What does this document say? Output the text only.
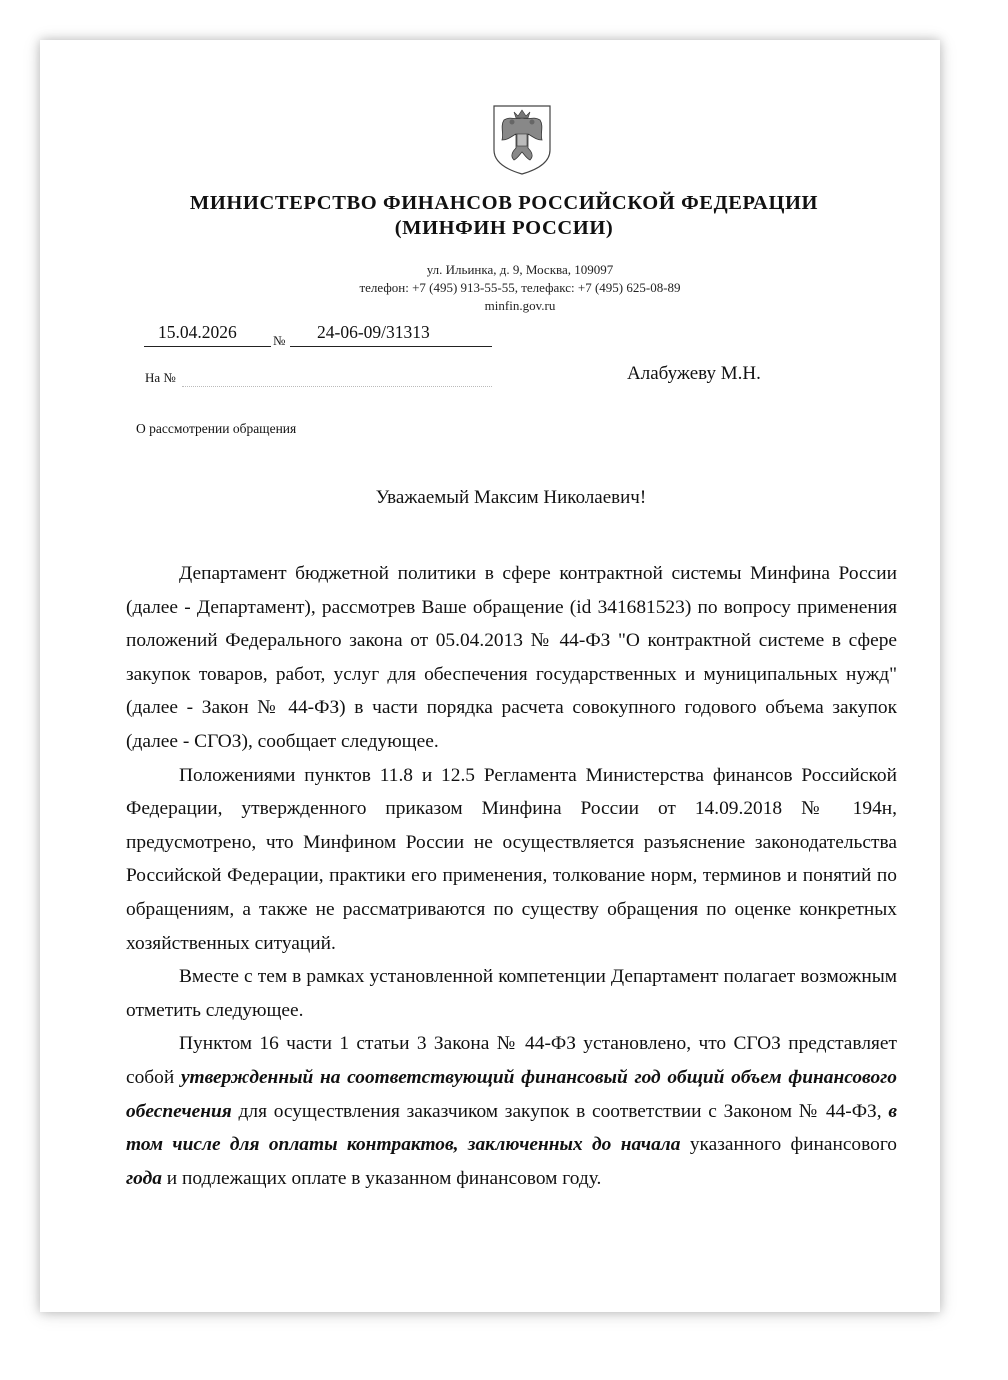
МИНИСТЕРСТВО ФИНАНСОВ РОССИЙСКОЙ ФЕДЕРАЦИИ
(МИНФИН РОССИИ)
ул. Ильинка, д. 9, Москва, 109097
телефон: +7 (495) 913-55-55, телефакс: +7 (495) 625-08-89
minfin.gov.ru
15.04.2026	№ 24-06-09/31313
На №	Алабужеву М.Н.
О рассмотрении обращения
Уважаемый Максим Николаевич!

Департамент бюджетной политики в сфере контрактной системы Минфина России (далее - Департамент), рассмотрев Ваше обращение (id 341681523) по вопросу применения положений Федерального закона от 05.04.2013 № 44-ФЗ "О контрактной системе в сфере закупок товаров, работ, услуг для обеспечения государственных и муниципальных нужд" (далее - Закон № 44-ФЗ) в части порядка расчета совокупного годового объема закупок (далее - СГОЗ), сообщает следующее.

Положениями пунктов 11.8 и 12.5 Регламента Министерства финансов Российской Федерации, утвержденного приказом Минфина России от 14.09.2018 № 194н, предусмотрено, что Минфином России не осуществляется разъяснение законодательства Российской Федерации, практики его применения, толкование норм, терминов и понятий по обращениям, а также не рассматриваются по существу обращения по оценке конкретных хозяйственных ситуаций.

Вместе с тем в рамках установленной компетенции Департамент полагает возможным отметить следующее.

Пунктом 16 части 1 статьи 3 Закона № 44-ФЗ установлено, что СГОЗ представляет собой утвержденный на соответствующий финансовый год общий объем финансового обеспечения для осуществления заказчиком закупок в соответствии с Законом № 44-ФЗ, в том числе для оплаты контрактов, заключенных до начала указанного финансового года и подлежащих оплате в указанном финансовом году.
